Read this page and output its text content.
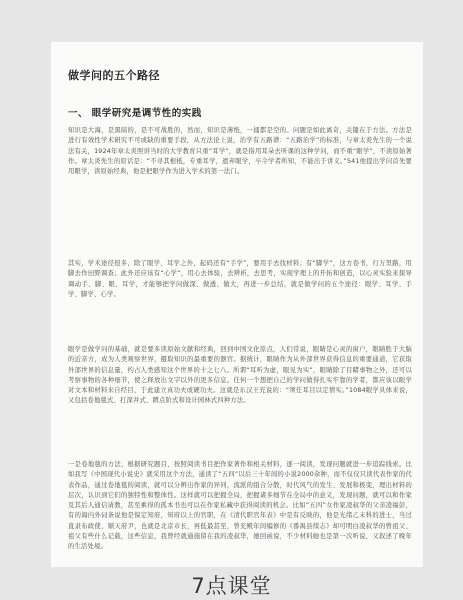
做学问的五个路径
一、 眼学研究是调节性的实践
知识是大海，是黑暗的，是不可战胜的，然而，知识是薄纸，一捅都是空的。问题是如此离奇，关键在于方法。方法是进行有效性学术研究不可或缺的重要手段，从方法论上说，治学有五路谱：“五路治学”的标准，与章太炎先生的一个说法有关，1924年章太炎照讲当时的大学教育只重“耳学”，就是指用耳朵去听课的这种学问，而不重“眼学”，不读原始著作。章太炎先生的原话是：“不寻其根柢，专重耳学，遗弃眼学，卒令学者所知，不能出于讲义。”541他提出学问首先要用眼学，读原始经典，他是把眼学作为进入学术的第一法门。
其实，学术途径很多，除了眼学、耳学之外，起码还有“手学”，要用手去找材料；有“脚学”，这方卷书，行万里路，用脚去作田野调查；此外还应该有“心学”，用心去体验，去辨析，去思考，实现学理上的开拓和创造，以心灵实验来探导调动手、脚、眼、耳学，才能够把学问做深、做透、做大，再进一步总结，就是做学问的五个途径：眼学、耳学、手学、脚学、心学。
眼学是做学问的基础，就是要多读原始文献和经典，回到中国文化原点，人们常说，眼睛是心灵的窗户，眼睛胜于大脑的近亲方，成为人类观察世界，摄取知识的最重要的器官。据统计，眼睛作为从外部世界获得信息的重要通道，它获取外部世界的信息量，约占人类感知这个世界的十之七八。所谓“耳听为虚，眼见为实”，眼睛除了目睹事物之外，还可以考察事物的各种细节，使之释放出文字以外的更多信息。任何一个想把自己的学问做得扎实牢靠的学者，都应该以眼学对文本和材料来自经目，于此建立真功夫或硬功夫。这就是东汉王充说的：“须任耳目以定情实。”1084眼学具体来说，又包括卷地毯式、打深井式、蹲点阶式和设计园林式四种方法。
一是卷地毯的方法，根据研究题目，按照阅读书目把作家著作和相关材料，逐一阅读，发现问题就进一步追踪线索。比如我写《中国现代小说史》就采用这个方法，通读了“五四”以后三十年间的小说2000余种，而不仅仅只读代表作家的代表作品，通过卷地毯的阅读，就可以分辨出作家的异同，流派的组合分散，时代风气的发生、发展和极变，理出材料的层次，认识到它们的独特性和整体性。这样就可以把握全局，把握诸多细节在全局中的意义，发现问题，就可以和作家及其后人通信请教，甚至乘得的孤本书也可以在作家私藏中获得阅读的机会。比如“五四”女作家凌叔华的父亲凌福彭，有的海内外词条说他是保定知府，知府以上的官职，在《清代职官年表》中是有反映的，他是光绪乙未科的进士，当过直隶布政使，顺天府尹，也就是北京市长，再低最甚至，曾充殿年间编修的《番禺县续志》却可明白凌叔华的曾祖父、祖父有些什么记载，这些信息，我曾经就通施留在我的凌叔华，她回函说，不少材料她也是第一次听说，又叙述了晚年的生活处境。
7点课堂
